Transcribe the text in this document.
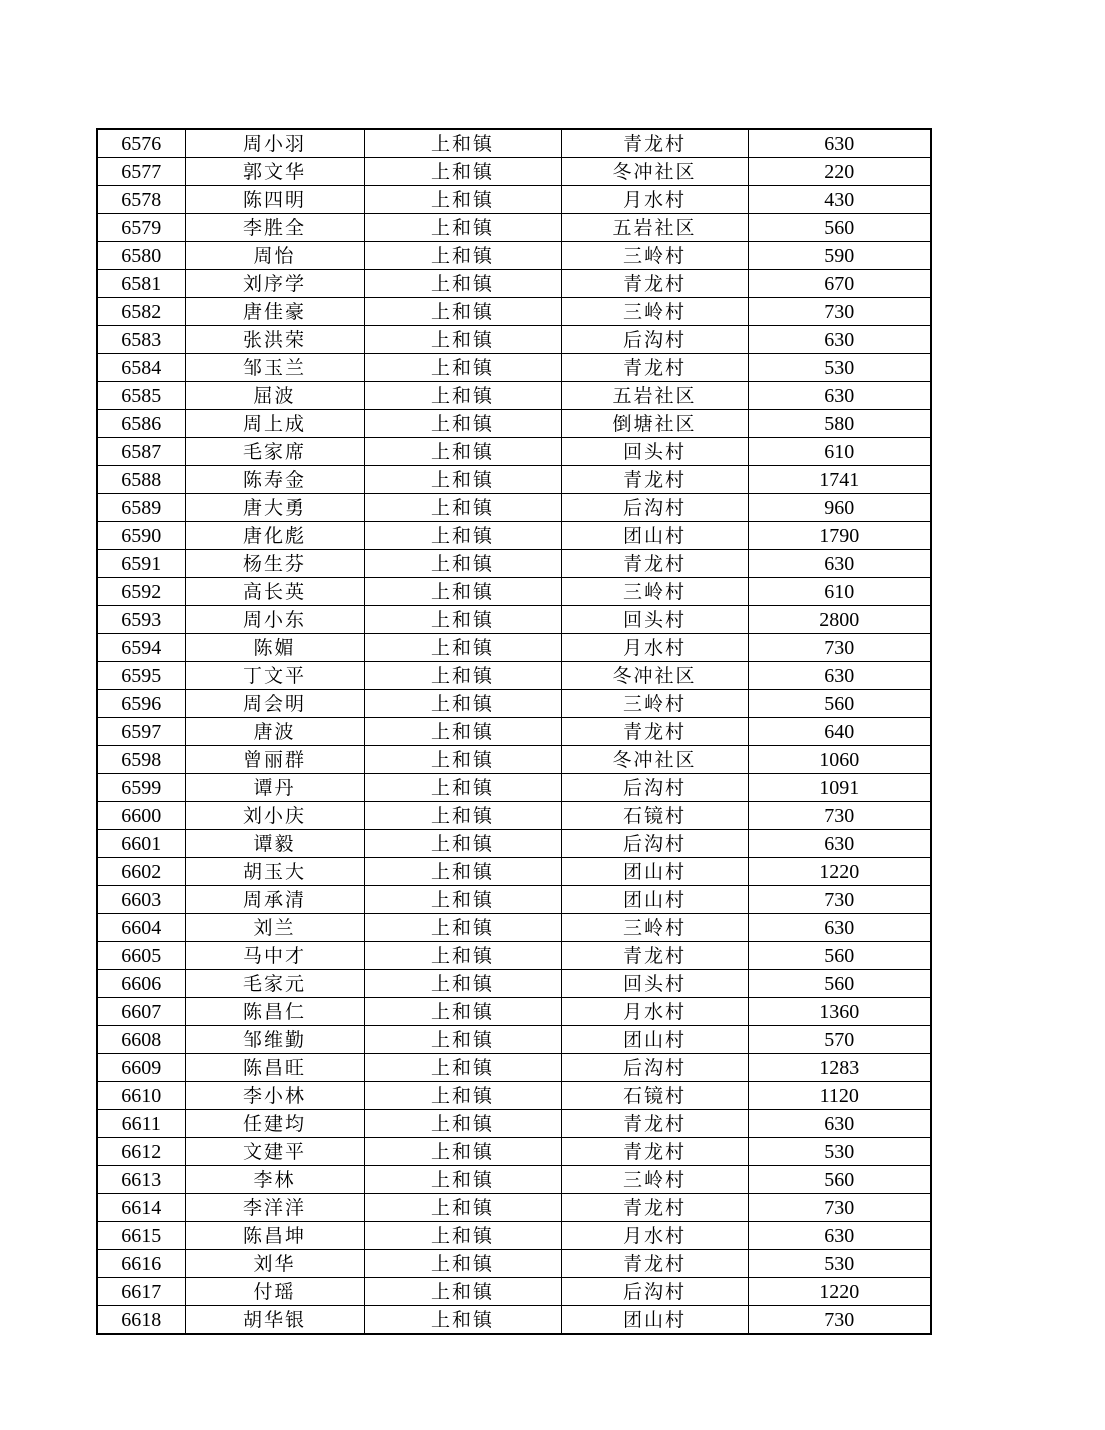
6576	周小羽	上和镇	青龙村	630
6577	郭文华	上和镇	冬冲社区	220
6578	陈四明	上和镇	月水村	430
6579	李胜全	上和镇	五岩社区	560
6580	周怡	上和镇	三岭村	590
6581	刘序学	上和镇	青龙村	670
6582	唐佳豪	上和镇	三岭村	730
6583	张洪荣	上和镇	后沟村	630
6584	邹玉兰	上和镇	青龙村	530
6585	屈波	上和镇	五岩社区	630
6586	周上成	上和镇	倒塘社区	580
6587	毛家席	上和镇	回头村	610
6588	陈寿金	上和镇	青龙村	1741
6589	唐大勇	上和镇	后沟村	960
6590	唐化彪	上和镇	团山村	1790
6591	杨生芬	上和镇	青龙村	630
6592	高长英	上和镇	三岭村	610
6593	周小东	上和镇	回头村	2800
6594	陈媚	上和镇	月水村	730
6595	丁文平	上和镇	冬冲社区	630
6596	周会明	上和镇	三岭村	560
6597	唐波	上和镇	青龙村	640
6598	曾丽群	上和镇	冬冲社区	1060
6599	谭丹	上和镇	后沟村	1091
6600	刘小庆	上和镇	石镜村	730
6601	谭毅	上和镇	后沟村	630
6602	胡玉大	上和镇	团山村	1220
6603	周承清	上和镇	团山村	730
6604	刘兰	上和镇	三岭村	630
6605	马中才	上和镇	青龙村	560
6606	毛家元	上和镇	回头村	560
6607	陈昌仁	上和镇	月水村	1360
6608	邹维勤	上和镇	团山村	570
6609	陈昌旺	上和镇	后沟村	1283
6610	李小林	上和镇	石镜村	1120
6611	任建均	上和镇	青龙村	630
6612	文建平	上和镇	青龙村	530
6613	李林	上和镇	三岭村	560
6614	李洋洋	上和镇	青龙村	730
6615	陈昌坤	上和镇	月水村	630
6616	刘华	上和镇	青龙村	530
6617	付瑶	上和镇	后沟村	1220
6618	胡华银	上和镇	团山村	730
